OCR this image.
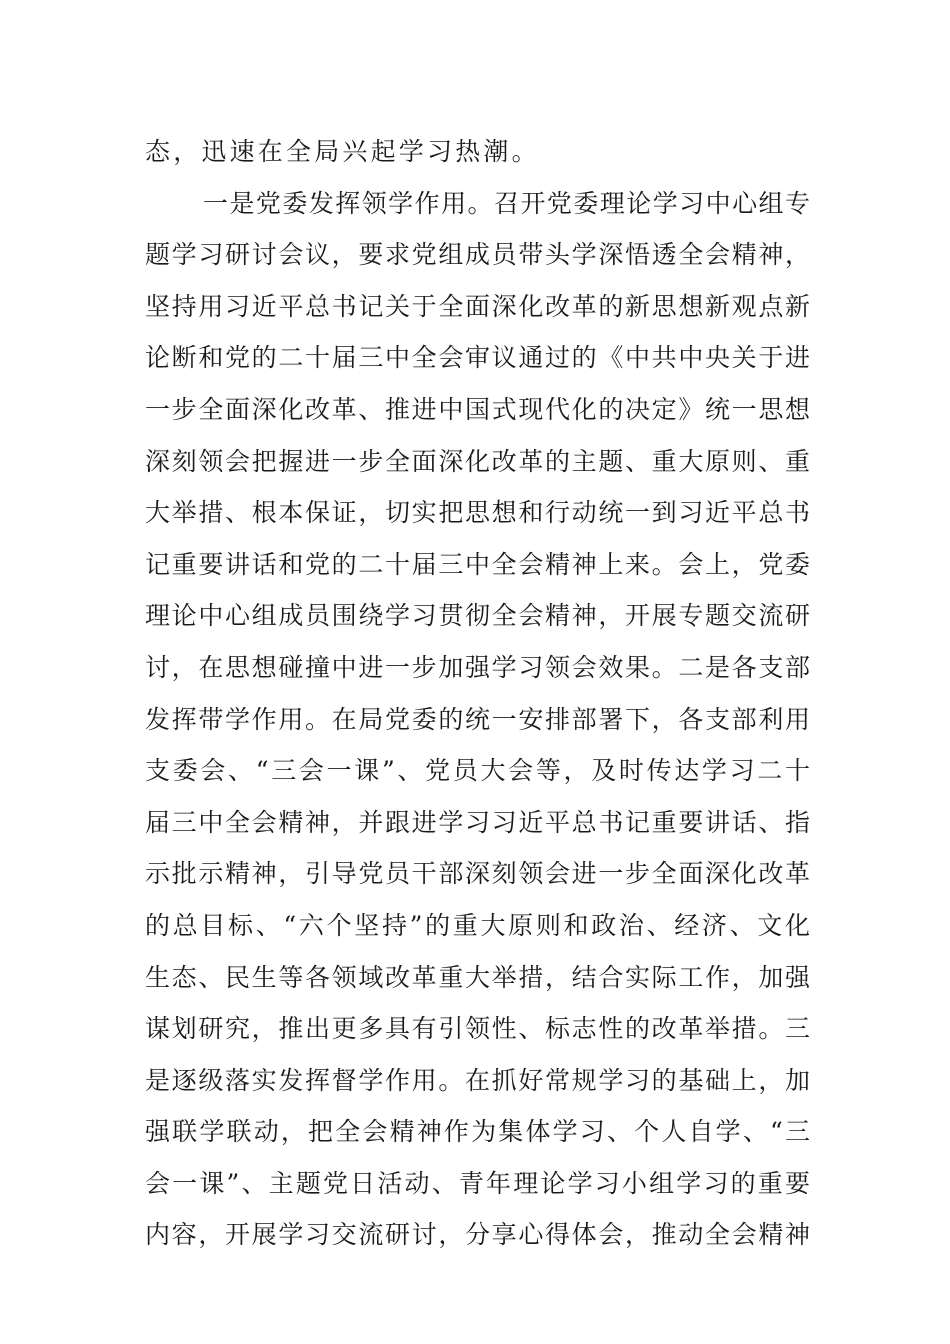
态，迅速在全局兴起学习热潮。
一是党委发挥领学作用。召开党委理论学习中心组专
题学习研讨会议，要求党组成员带头学深悟透全会精神，
坚持用习近平总书记关于全面深化改革的新思想新观点新
论断和党的二十届三中全会审议通过的《中共中央关于进
一步全面深化改革、推进中国式现代化的决定》统一思想
深刻领会把握进一步全面深化改革的主题、重大原则、重
大举措、根本保证，切实把思想和行动统一到习近平总书
记重要讲话和党的二十届三中全会精神上来。会上，党委
理论中心组成员围绕学习贯彻全会精神，开展专题交流研
讨，在思想碰撞中进一步加强学习领会效果。二是各支部
发挥带学作用。在局党委的统一安排部署下，各支部利用
支委会、“三会一课”、党员大会等，及时传达学习二十
届三中全会精神，并跟进学习习近平总书记重要讲话、指
示批示精神，引导党员干部深刻领会进一步全面深化改革
的总目标、“六个坚持”的重大原则和政治、经济、文化
生态、民生等各领域改革重大举措，结合实际工作，加强
谋划研究，推出更多具有引领性、标志性的改革举措。三
是逐级落实发挥督学作用。在抓好常规学习的基础上，加
强联学联动，把全会精神作为集体学习、个人自学、“三
会一课”、主题党日活动、青年理论学习小组学习的重要
内容，开展学习交流研讨，分享心得体会，推动全会精神
